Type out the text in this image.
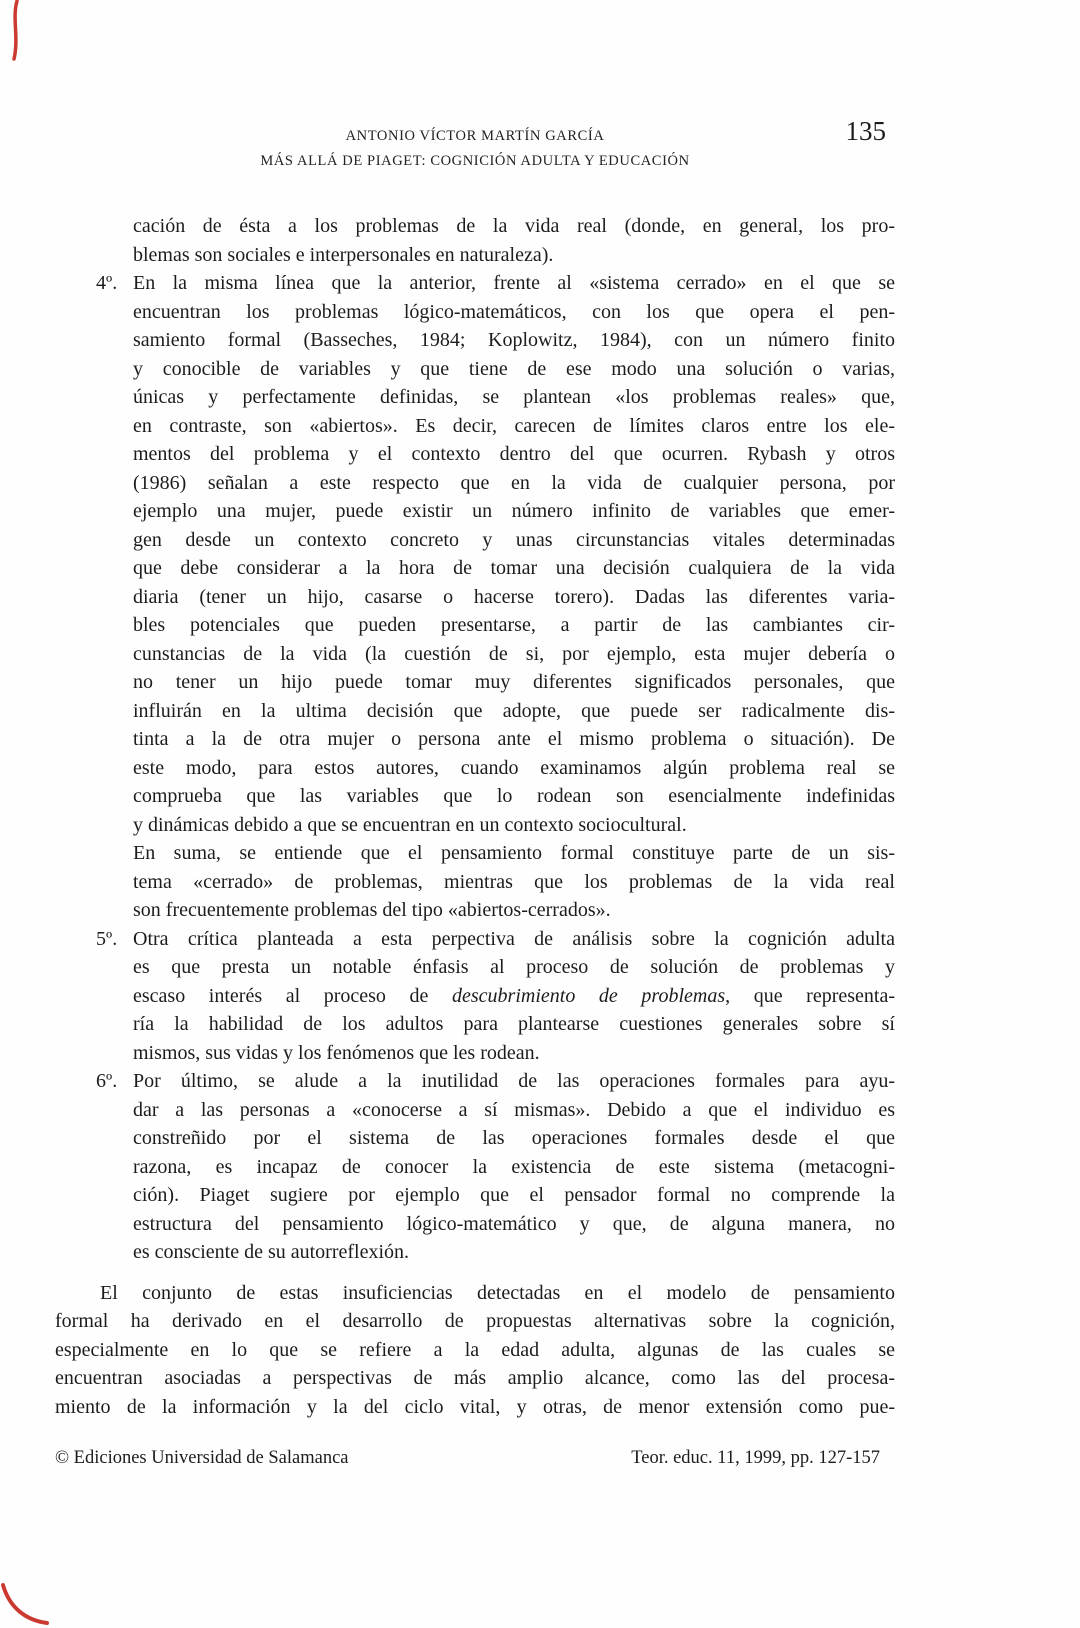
ANTONIO VÍCTOR MARTÍN GARCÍA
MÁS ALLÁ DE PIAGET: COGNICIÓN ADULTA Y EDUCACIÓN
135
cación de ésta a los problemas de la vida real (donde, en general, los pro-
blemas son sociales e interpersonales en naturaleza).
4º. En la misma línea que la anterior, frente al «sistema cerrado» en el que se
encuentran los problemas lógico-matemáticos, con los que opera el pen-
samiento formal (Basseches, 1984; Koplowitz, 1984), con un número finito
y conocible de variables y que tiene de ese modo una solución o varias,
únicas y perfectamente definidas, se plantean «los problemas reales» que,
en contraste, son «abiertos». Es decir, carecen de límites claros entre los ele-
mentos del problema y el contexto dentro del que ocurren. Rybash y otros
(1986) señalan a este respecto que en la vida de cualquier persona, por
ejemplo una mujer, puede existir un número infinito de variables que emer-
gen desde un contexto concreto y unas circunstancias vitales determinadas
que debe considerar a la hora de tomar una decisión cualquiera de la vida
diaria (tener un hijo, casarse o hacerse torero). Dadas las diferentes varia-
bles potenciales que pueden presentarse, a partir de las cambiantes cir-
cunstancias de la vida (la cuestión de si, por ejemplo, esta mujer debería o
no tener un hijo puede tomar muy diferentes significados personales, que
influirán en la ultima decisión que adopte, que puede ser radicalmente dis-
tinta a la de otra mujer o persona ante el mismo problema o situación). De
este modo, para estos autores, cuando examinamos algún problema real se
comprueba que las variables que lo rodean son esencialmente indefinidas
y dinámicas debido a que se encuentran en un contexto sociocultural.
En suma, se entiende que el pensamiento formal constituye parte de un sis-
tema «cerrado» de problemas, mientras que los problemas de la vida real
son frecuentemente problemas del tipo «abiertos-cerrados».
5º. Otra crítica planteada a esta perpectiva de análisis sobre la cognición adulta
es que presta un notable énfasis al proceso de solución de problemas y
escaso interés al proceso de descubrimiento de problemas, que representa-
ría la habilidad de los adultos para plantearse cuestiones generales sobre sí
mismos, sus vidas y los fenómenos que les rodean.
6º. Por último, se alude a la inutilidad de las operaciones formales para ayu-
dar a las personas a «conocerse a sí mismas». Debido a que el individuo es
constreñido por el sistema de las operaciones formales desde el que
razona, es incapaz de conocer la existencia de este sistema (metacogni-
ción). Piaget sugiere por ejemplo que el pensador formal no comprende la
estructura del pensamiento lógico-matemático y que, de alguna manera, no
es consciente de su autorreflexión.
El conjunto de estas insuficiencias detectadas en el modelo de pensamiento
formal ha derivado en el desarrollo de propuestas alternativas sobre la cognición,
especialmente en lo que se refiere a la edad adulta, algunas de las cuales se
encuentran asociadas a perspectivas de más amplio alcance, como las del procesa-
miento de la información y la del ciclo vital, y otras, de menor extensión como pue-
© Ediciones Universidad de Salamanca	Teor. educ. 11, 1999, pp. 127-157
